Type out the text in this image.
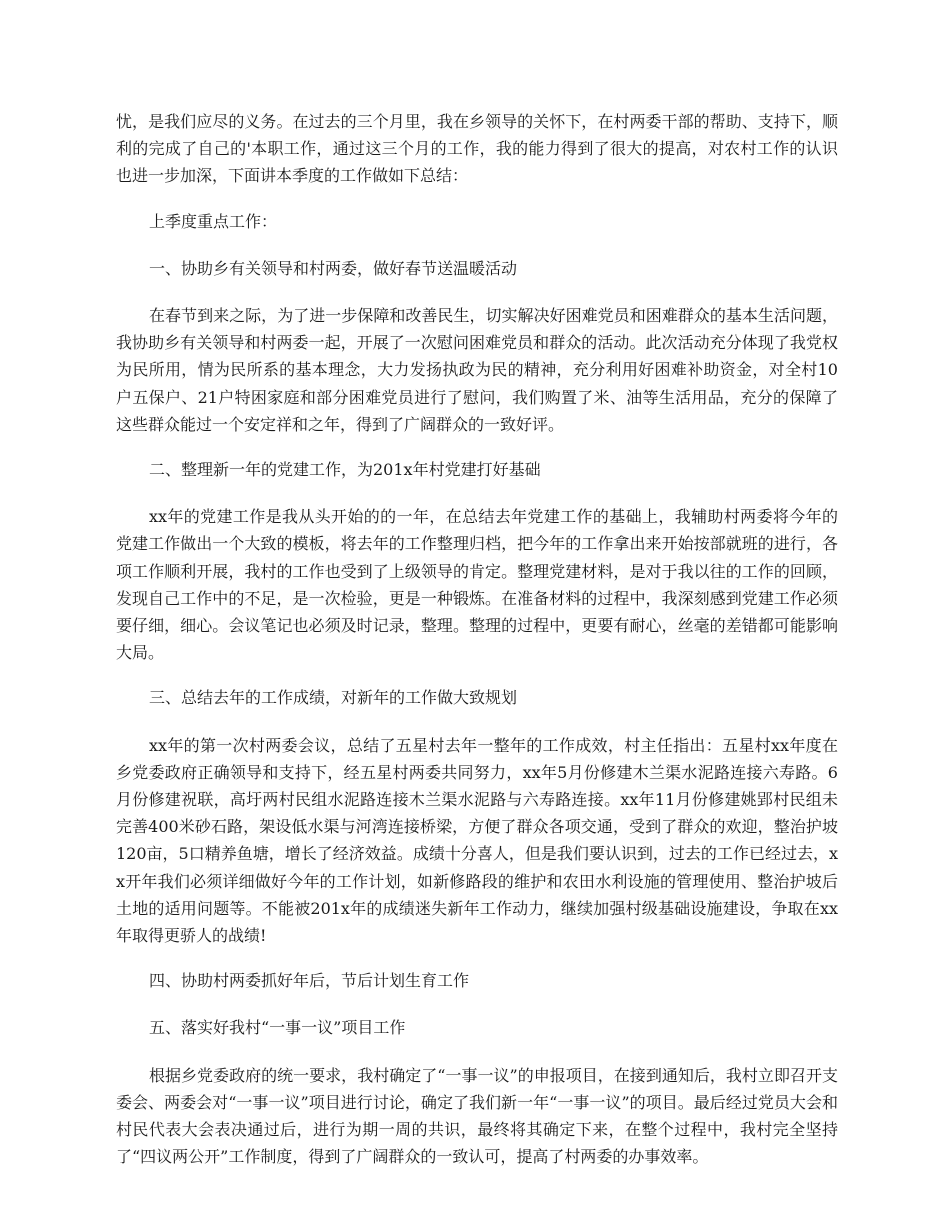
忧，是我们应尽的义务。在过去的三个月里，我在乡领导的关怀下，在村两委干部的帮助、支持下，顺利的完成了自己的'本职工作，通过这三个月的工作，我的能力得到了很大的提高，对农村工作的认识也进一步加深，下面讲本季度的工作做如下总结：

上季度重点工作：

一、协助乡有关领导和村两委，做好春节送温暖活动

在春节到来之际，为了进一步保障和改善民生，切实解决好困难党员和困难群众的基本生活问题，我协助乡有关领导和村两委一起，开展了一次慰问困难党员和群众的活动。此次活动充分体现了我党权为民所用，情为民所系的基本理念，大力发扬执政为民的精神，充分利用好困难补助资金，对全村10户五保户、21户特困家庭和部分困难党员进行了慰问，我们购置了米、油等生活用品，充分的保障了这些群众能过一个安定祥和之年，得到了广阔群众的一致好评。

二、整理新一年的党建工作，为201x年村党建打好基础

xx年的党建工作是我从头开始的的一年，在总结去年党建工作的基础上，我辅助村两委将今年的党建工作做出一个大致的模板，将去年的工作整理归档，把今年的工作拿出来开始按部就班的进行，各项工作顺利开展，我村的工作也受到了上级领导的肯定。整理党建材料，是对于我以往的工作的回顾，发现自己工作中的不足，是一次检验，更是一种锻炼。在准备材料的过程中，我深刻感到党建工作必须要仔细，细心。会议笔记也必须及时记录，整理。整理的过程中，更要有耐心，丝毫的差错都可能影响大局。

三、总结去年的工作成绩，对新年的工作做大致规划

xx年的第一次村两委会议，总结了五星村去年一整年的工作成效，村主任指出：五星村xx年度在乡党委政府正确领导和支持下，经五星村两委共同努力，xx年5月份修建木兰渠水泥路连接六寿路。6月份修建祝联，高圩两村民组水泥路连接木兰渠水泥路与六寿路连接。xx年11月份修建姚郢村民组未完善400米砂石路，架设低水渠与河湾连接桥梁，方便了群众各项交通，受到了群众的欢迎，整治护坡120亩，5口精养鱼塘，增长了经济效益。成绩十分喜人，但是我们要认识到，过去的工作已经过去，xx开年我们必须详细做好今年的工作计划，如新修路段的维护和农田水利设施的管理使用、整治护坡后土地的适用问题等。不能被201x年的成绩迷失新年工作动力，继续加强村级基础设施建设，争取在xx年取得更骄人的战绩!

四、协助村两委抓好年后，节后计划生育工作

五、落实好我村“一事一议”项目工作

根据乡党委政府的统一要求，我村确定了“一事一议”的申报项目，在接到通知后，我村立即召开支委会、两委会对“一事一议”项目进行讨论，确定了我们新一年“一事一议”的项目。最后经过党员大会和村民代表大会表决通过后，进行为期一周的共识，最终将其确定下来，在整个过程中，我村完全坚持了“四议两公开”工作制度，得到了广阔群众的一致认可，提高了村两委的办事效率。
